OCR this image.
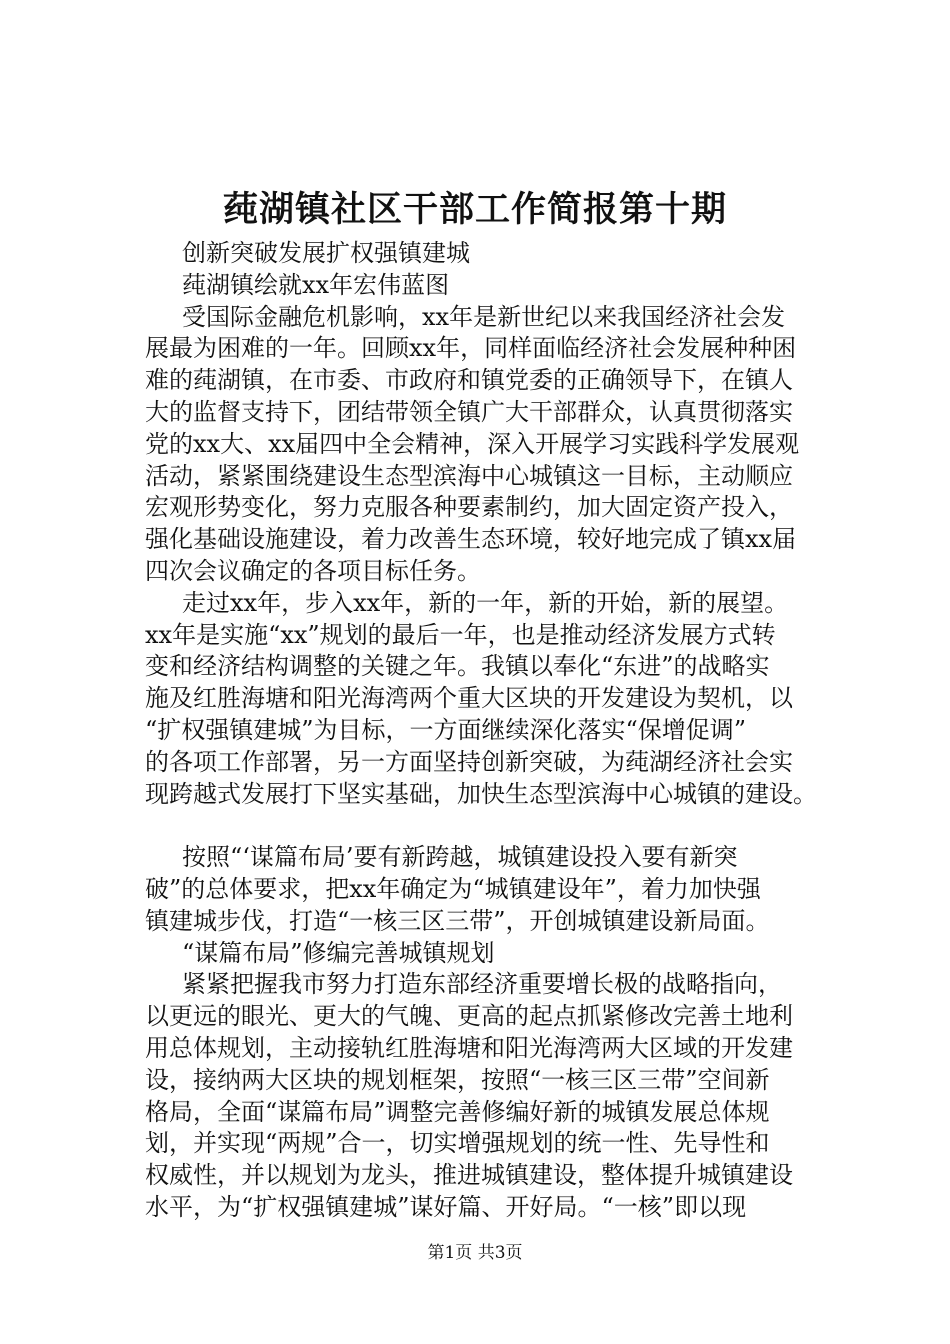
莼湖镇社区干部工作简报第十期
创新突破发展扩权强镇建城
莼湖镇绘就xx年宏伟蓝图
受国际金融危机影响，xx年是新世纪以来我国经济社会发
展最为困难的一年。回顾xx年，同样面临经济社会发展种种困
难的莼湖镇，在市委、市政府和镇党委的正确领导下，在镇人
大的监督支持下，团结带领全镇广大干部群众，认真贯彻落实
党的xx大、xx届四中全会精神，深入开展学习实践科学发展观
活动，紧紧围绕建设生态型滨海中心城镇这一目标，主动顺应
宏观形势变化，努力克服各种要素制约，加大固定资产投入，
强化基础设施建设，着力改善生态环境，较好地完成了镇xx届
四次会议确定的各项目标任务。
走过xx年，步入xx年，新的一年，新的开始，新的展望。
xx年是实施“xx”规划的最后一年，也是推动经济发展方式转
变和经济结构调整的关键之年。我镇以奉化“东进”的战略实
施及红胜海塘和阳光海湾两个重大区块的开发建设为契机，以
“扩权强镇建城”为目标，一方面继续深化落实“保增促调”
的各项工作部署，另一方面坚持创新突破，为莼湖经济社会实
现跨越式发展打下坚实基础，加快生态型滨海中心城镇的建设。
按照“‘谋篇布局’要有新跨越，城镇建设投入要有新突
破”的总体要求，把xx年确定为“城镇建设年”，着力加快强
镇建城步伐，打造“一核三区三带”，开创城镇建设新局面。
“谋篇布局”修编完善城镇规划
紧紧把握我市努力打造东部经济重要增长极的战略指向，
以更远的眼光、更大的气魄、更高的起点抓紧修改完善土地利
用总体规划，主动接轨红胜海塘和阳光海湾两大区域的开发建
设，接纳两大区块的规划框架，按照“一核三区三带”空间新
格局，全面“谋篇布局”调整完善修编好新的城镇发展总体规
划，并实现“两规”合一，切实增强规划的统一性、先导性和
权威性，并以规划为龙头，推进城镇建设，整体提升城镇建设
水平，为“扩权强镇建城”谋好篇、开好局。“一核”即以现
第1页 共3页
